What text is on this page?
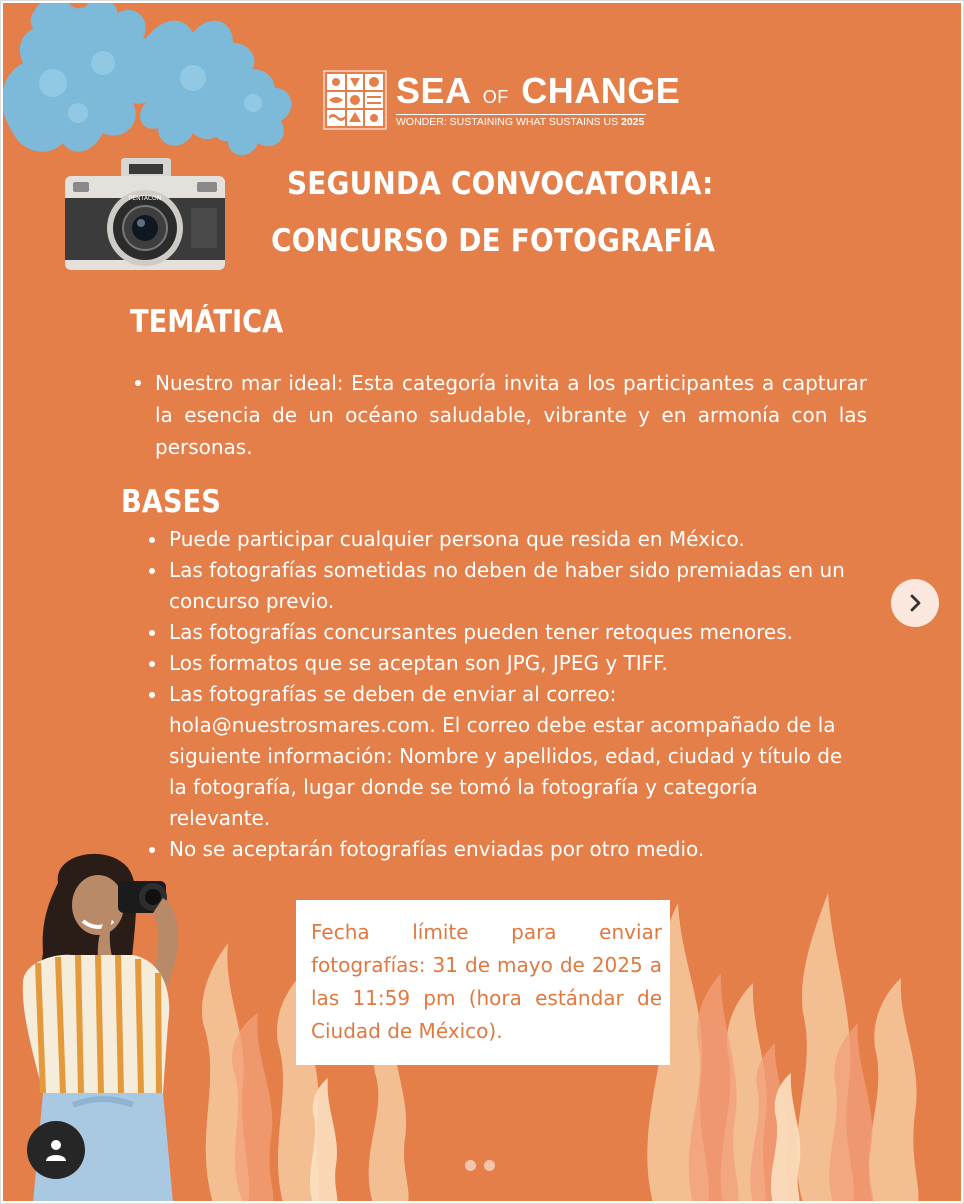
SEA OF CHANGE
WONDER: SUSTAINING WHAT SUSTAINS US 2025
PENTACON	SEGUNDA CONVOCATORIA:
CONCURSO DE FOTOGRAFÍA
TEMÁTICA
Nuestro mar ideal: Esta categoría invita a los participantes a capturar la esencia de un océano saludable, vibrante y en armonía con las personas.
BASES
Puede participar cualquier persona que resida en México.
Las fotografías sometidas no deben de haber sido premiadas en un concurso previo.
Las fotografías concursantes pueden tener retoques menores.
Los formatos que se aceptan son JPG, JPEG y TIFF.
Las fotografías se deben de enviar al correo: hola@nuestrosmares.com. El correo debe estar acompañado de la siguiente información: Nombre y apellidos, edad, ciudad y título de la fotografía, lugar donde se tomó la fotografía y categoría relevante.
No se aceptarán fotografías enviadas por otro medio.

Fecha límite para enviar fotografías: 31 de mayo de 2025 a las 11:59 pm (hora estándar de Ciudad de México).
